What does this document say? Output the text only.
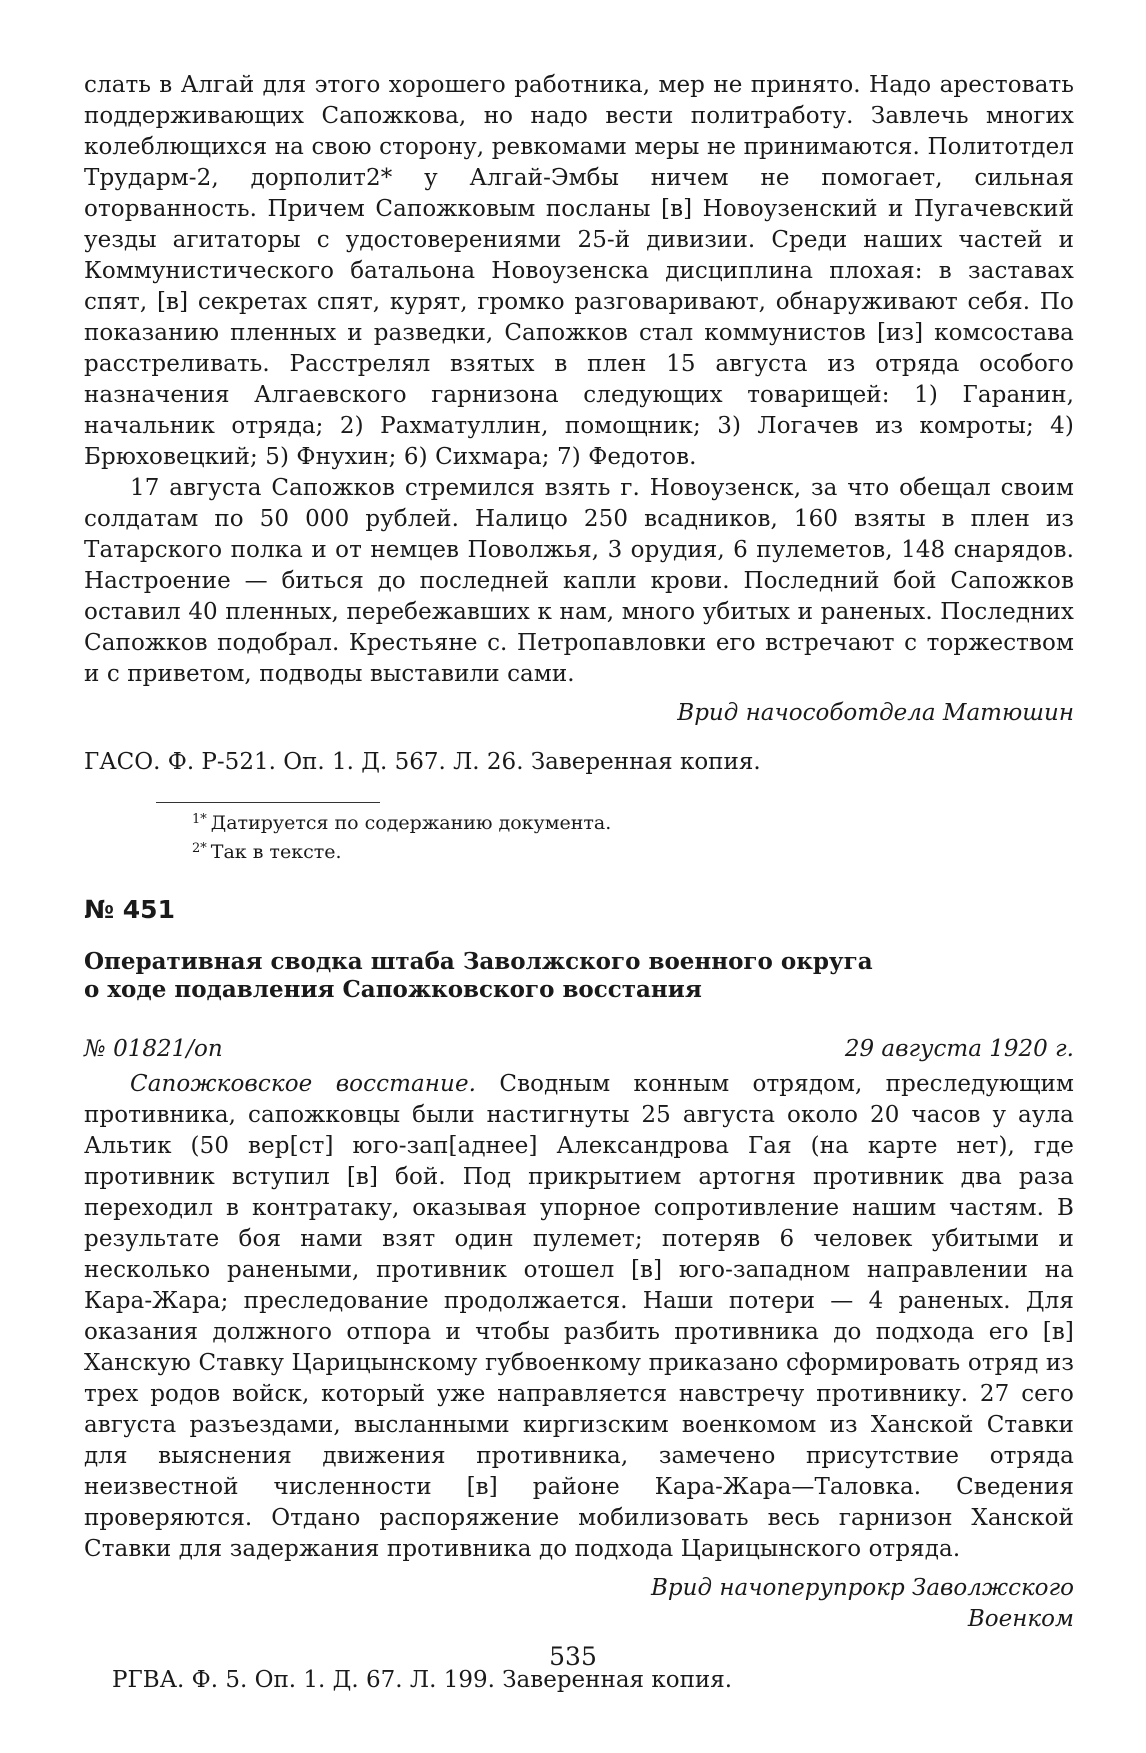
слать в Алгай для этого хорошего работника, мер не принято. Надо арестовать поддерживающих Сапожкова, но надо вести политработу. Завлечь многих колеблющихся на свою сторону, ревкомами меры не принимаются. Политотдел Трударм-2, дорполит2* у Алгай-Эмбы ничем не помогает, сильная оторванность. Причем Сапожковым посланы [в] Новоузенский и Пугачевский уезды агитаторы с удостоверениями 25-й дивизии. Среди наших частей и Коммунистического батальона Новоузенска дисциплина плохая: в заставах спят, [в] секретах спят, курят, громко разговаривают, обнаруживают себя. По показанию пленных и разведки, Сапожков стал коммунистов [из] комсостава расстреливать. Расстрелял взятых в плен 15 августа из отряда особого назначения Алгаевского гарнизона следующих товарищей: 1) Гаранин, начальник отряда; 2) Рахматуллин, помощник; 3) Логачев из комроты; 4) Брюховецкий; 5) Фнухин; 6) Сихмара; 7) Федотов.

17 августа Сапожков стремился взять г. Новоузенск, за что обещал своим солдатам по 50 000 рублей. Налицо 250 всадников, 160 взяты в плен из Татарского полка и от немцев Поволжья, 3 орудия, 6 пулеметов, 148 снарядов. Настроение — биться до последней капли крови. Последний бой Сапожков оставил 40 пленных, перебежавших к нам, много убитых и раненых. Последних Сапожков подобрал. Крестьяне с. Петропавловки его встречают с торжеством и с приветом, подводы выставили сами.

Врид начособотдела Матюшин

ГАСО. Ф. Р-521. Оп. 1. Д. 567. Л. 26. Заверенная копия.

$^{1*}$ Датируется по содержанию документа.
$^{2*}$ Так в тексте.

№ 451

Оперативная сводка штаба Заволжского военного округа
о ходе подавления Сапожковского восстания
№ 01821/оп	29 августа 1920 г.

Сапожковское восстание. Сводным конным отрядом, преследующим противника, сапожковцы были настигнуты 25 августа около 20 часов у аула Альтик (50 вер[ст] юго-зап[аднее] Александрова Гая (на карте нет), где противник вступил [в] бой. Под прикрытием артогня противник два раза переходил в контратаку, оказывая упорное сопротивление нашим частям. В результате боя нами взят один пулемет; потеряв 6 человек убитыми и несколько ранеными, противник отошел [в] юго-западном направлении на Кара-Жара; преследование продолжается. Наши потери — 4 раненых. Для оказания должного отпора и чтобы разбить противника до подхода его [в] Ханскую Ставку Царицынскому губвоенкому приказано сформировать отряд из трех родов войск, который уже направляется навстречу противнику. 27 сего августа разъездами, высланными киргизским военкомом из Ханской Ставки для выяснения движения противника, замечено присутствие отряда неизвестной численности [в] районе Кара-Жара—Таловка. Сведения проверяются. Отдано распоряжение мобилизовать весь гарнизон Ханской Ставки для задержания противника до подхода Царицынского отряда.

Врид начоперупрокр Заволжского
Военком

РГВА. Ф. 5. Оп. 1. Д. 67. Л. 199. Заверенная копия.

535
